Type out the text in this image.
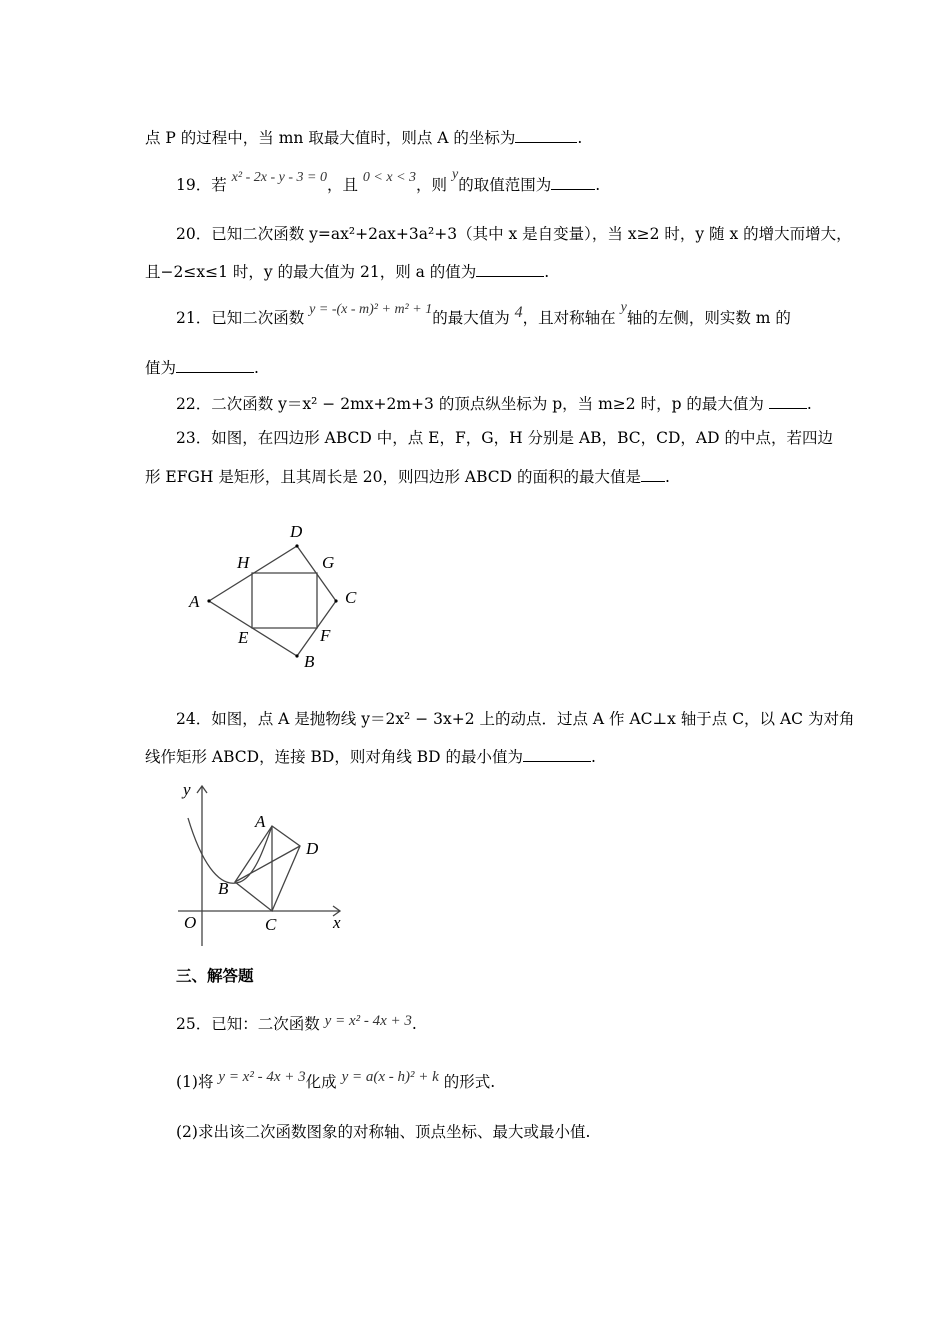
点 P 的过程中，当 mn 取最大值时，则点 A 的坐标为	.
19．若 x² - 2x - y - 3 = 0，且 0 < x < 3，则 y的取值范围为	.
20．已知二次函数 y=ax²+2ax+3a²+3（其中 x 是自变量），当 x≥2 时，y 随 x 的增大而增大，
且−2≤x≤1 时，y 的最大值为 21，则 a 的值为	.
21．已知二次函数 y = -(x - m)² + m² + 1的最大值为 4，且对称轴在 y轴的左侧，则实数 m 的
值为	.
22．二次函数 y＝x² − 2mx+2m+3 的顶点纵坐标为 p，当 m≥2 时，p 的最大值为	.
23．如图，在四边形 ABCD 中，点 E，F，G，H 分别是 AB，BC，CD，AD 的中点，若四边
形 EFGH 是矩形，且其周长是 20，则四边形 ABCD 的面积的最大值是 .
D
H	G
A	C
E	F
B
24．如图，点 A 是抛物线 y＝2x² − 3x+2 上的动点．过点 A 作 AC⊥x 轴于点 C，以 AC 为对角
线作矩形 ABCD，连接 BD，则对角线 BD 的最小值为	.
y
A
D
B
O	C	x
三、解答题
25．已知：二次函数 y = x² - 4x + 3.
(1)将 y = x² - 4x + 3化成 y = a(x - h)² + k 的形式.
(2)求出该二次函数图象的对称轴、顶点坐标、最大或最小值.
